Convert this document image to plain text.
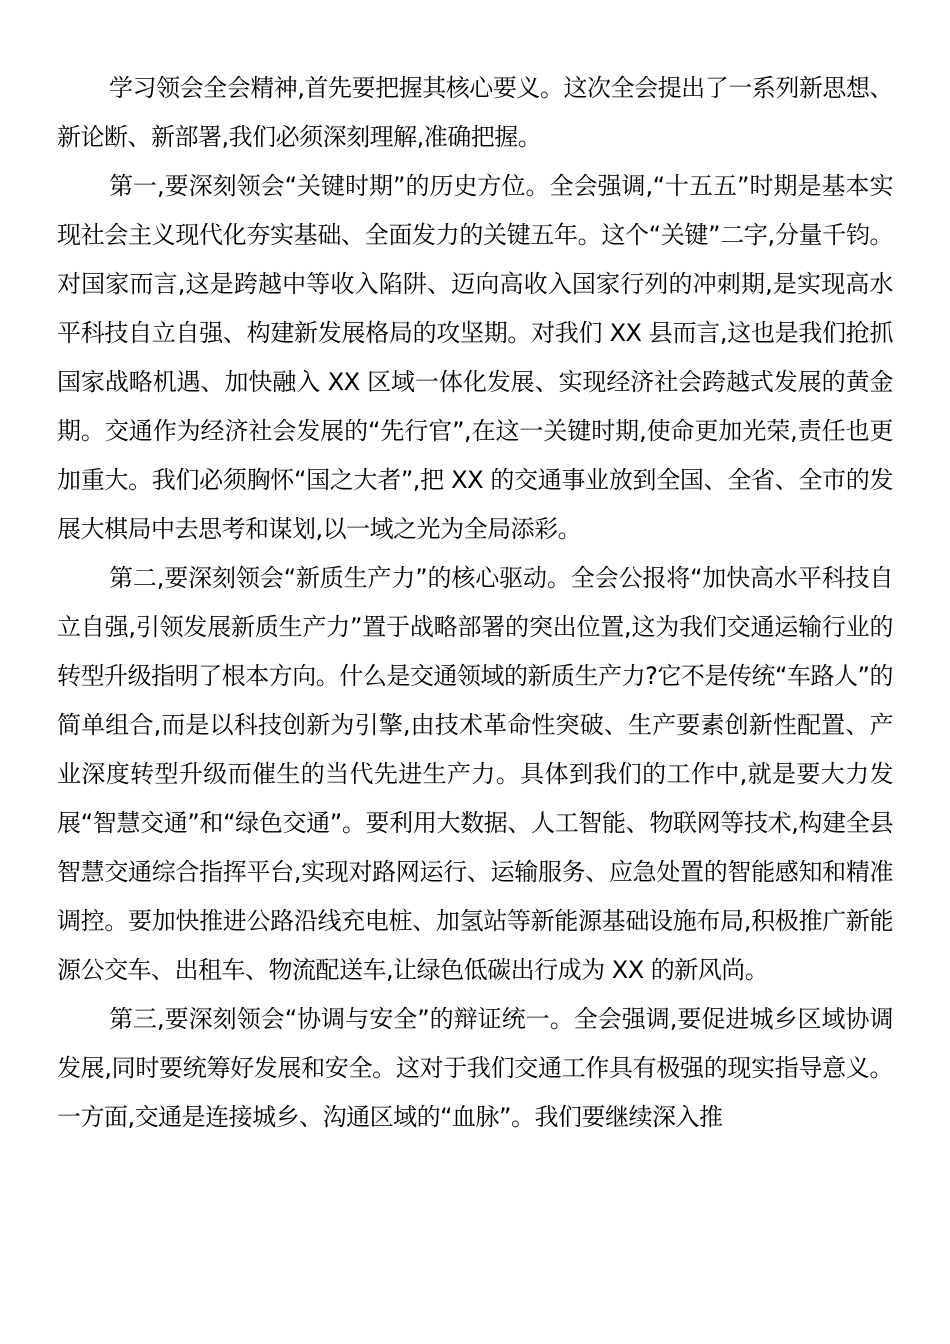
学习领会全会精神,首先要把握其核心要义。这次全会提出了一系列新思想、新论断、新部署,我们必须深刻理解,准确把握。

第一,要深刻领会“关键时期”的历史方位。全会强调,“十五五”时期是基本实现社会主义现代化夯实基础、全面发力的关键五年。这个“关键”二字,分量千钧。对国家而言,这是跨越中等收入陷阱、迈向高收入国家行列的冲刺期,是实现高水平科技自立自强、构建新发展格局的攻坚期。对我们 XX 县而言,这也是我们抢抓国家战略机遇、加快融入 XX 区域一体化发展、实现经济社会跨越式发展的黄金期。交通作为经济社会发展的“先行官”,在这一关键时期,使命更加光荣,责任也更加重大。我们必须胸怀“国之大者”,把 XX 的交通事业放到全国、全省、全市的发展大棋局中去思考和谋划,以一域之光为全局添彩。

第二,要深刻领会“新质生产力”的核心驱动。全会公报将“加快高水平科技自立自强,引领发展新质生产力”置于战略部署的突出位置,这为我们交通运输行业的转型升级指明了根本方向。什么是交通领域的新质生产力?它不是传统“车路人”的简单组合,而是以科技创新为引擎,由技术革命性突破、生产要素创新性配置、产业深度转型升级而催生的当代先进生产力。具体到我们的工作中,就是要大力发展“智慧交通”和“绿色交通”。要利用大数据、人工智能、物联网等技术,构建全县智慧交通综合指挥平台,实现对路网运行、运输服务、应急处置的智能感知和精准调控。要加快推进公路沿线充电桩、加氢站等新能源基础设施布局,积极推广新能源公交车、出租车、物流配送车,让绿色低碳出行成为 XX 的新风尚。

第三,要深刻领会“协调与安全”的辩证统一。全会强调,要促进城乡区域协调发展,同时要统筹好发展和安全。这对于我们交通工作具有极强的现实指导意义。一方面,交通是连接城乡、沟通区域的“血脉”。我们要继续深入推
